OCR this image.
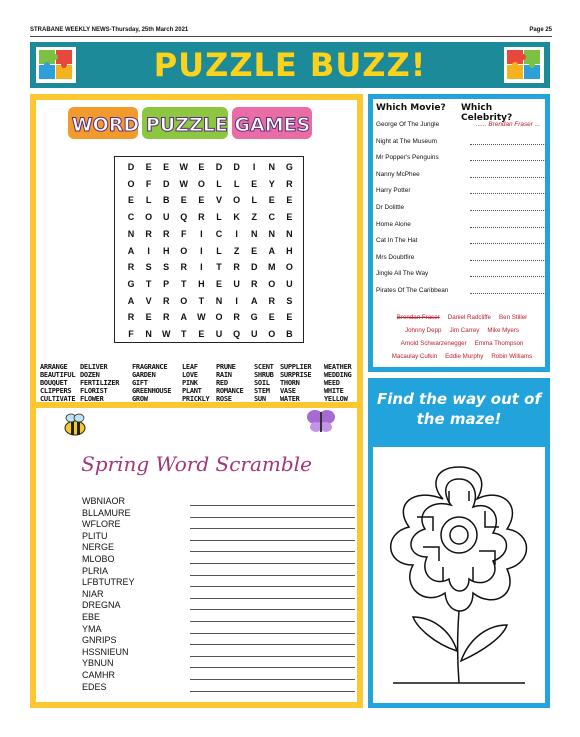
STRABANE WEEKLY NEWS-Thursday, 25th March 2021	Page 25
PUZZLE BUZZ!
WORD PUZZLE GAMES
D	E	E	W	E	D	D	I	N	G
O	F	D	W	O	L	L	E	Y	R
E	L	B	E	E	V	O	L	E	E
C	O	U	Q	R	L	K	Z	C	E
N	R	R	F	I	C	I	N	N	N
A	I	H	O	I	L	Z	E	A	H
R	S	S	R	I	T	R	D	M	O
G	T	P	T	H	E	U	R	O	U
A	V	R	O	T	N	I	A	R	S
R	E	R	A	W	O	R	G	E	E
F	N	W	T	E	U	Q	U	O	B
ARRANGE
BEAUTIFUL
BOUQUET
CLIPPERS
CULTIVATE
DELIVER
DOZEN
FERTILIZER
FLORIST
FLOWER
FRAGRANCE
GARDEN
GIFT
GREENHOUSE
GROW
LEAF
LOVE
PINK
PLANT
PRICKLY
PRUNE
RAIN
RED
ROMANCE
ROSE
SCENT
SHRUB
SOIL
STEM
SUN
SUPPLIER
SURPRISE
THORN
VASE
WATER
WEATHER
WEDDING
WEED
WHITE
YELLOW
Spring Word Scramble
WBNIAOR
BLLAMURE
WFLORE
PLITU
NERGE
MLOBO
PLRIA
LFBTUTREY
NIAR
DREGNA
EBE
YMA
GNRIPS
HSSNIEUN
YBNUN
CAMHR
EDES
Which Movie? Which Celebrity?
George Of The Jungle	...... Brendan Fraser ...
Night at The Museum
Mr Popper's Penguins
Nanny McPhee
Harry Potter
Dr Dolittle
Home Alone
Cat In The Hat
Mrs Doubtfire
Jingle All The Way
Pirates Of The Caribbean
Brendan Fraser Daniel Radcliffe Ben Stiller
Johnny Depp Jim Carrey Mike Myers
Arnold Schwarzenegger Emma Thompson
Macaulay Culkin Eddie Murphy Robin Williams
Find the way out of the maze!
